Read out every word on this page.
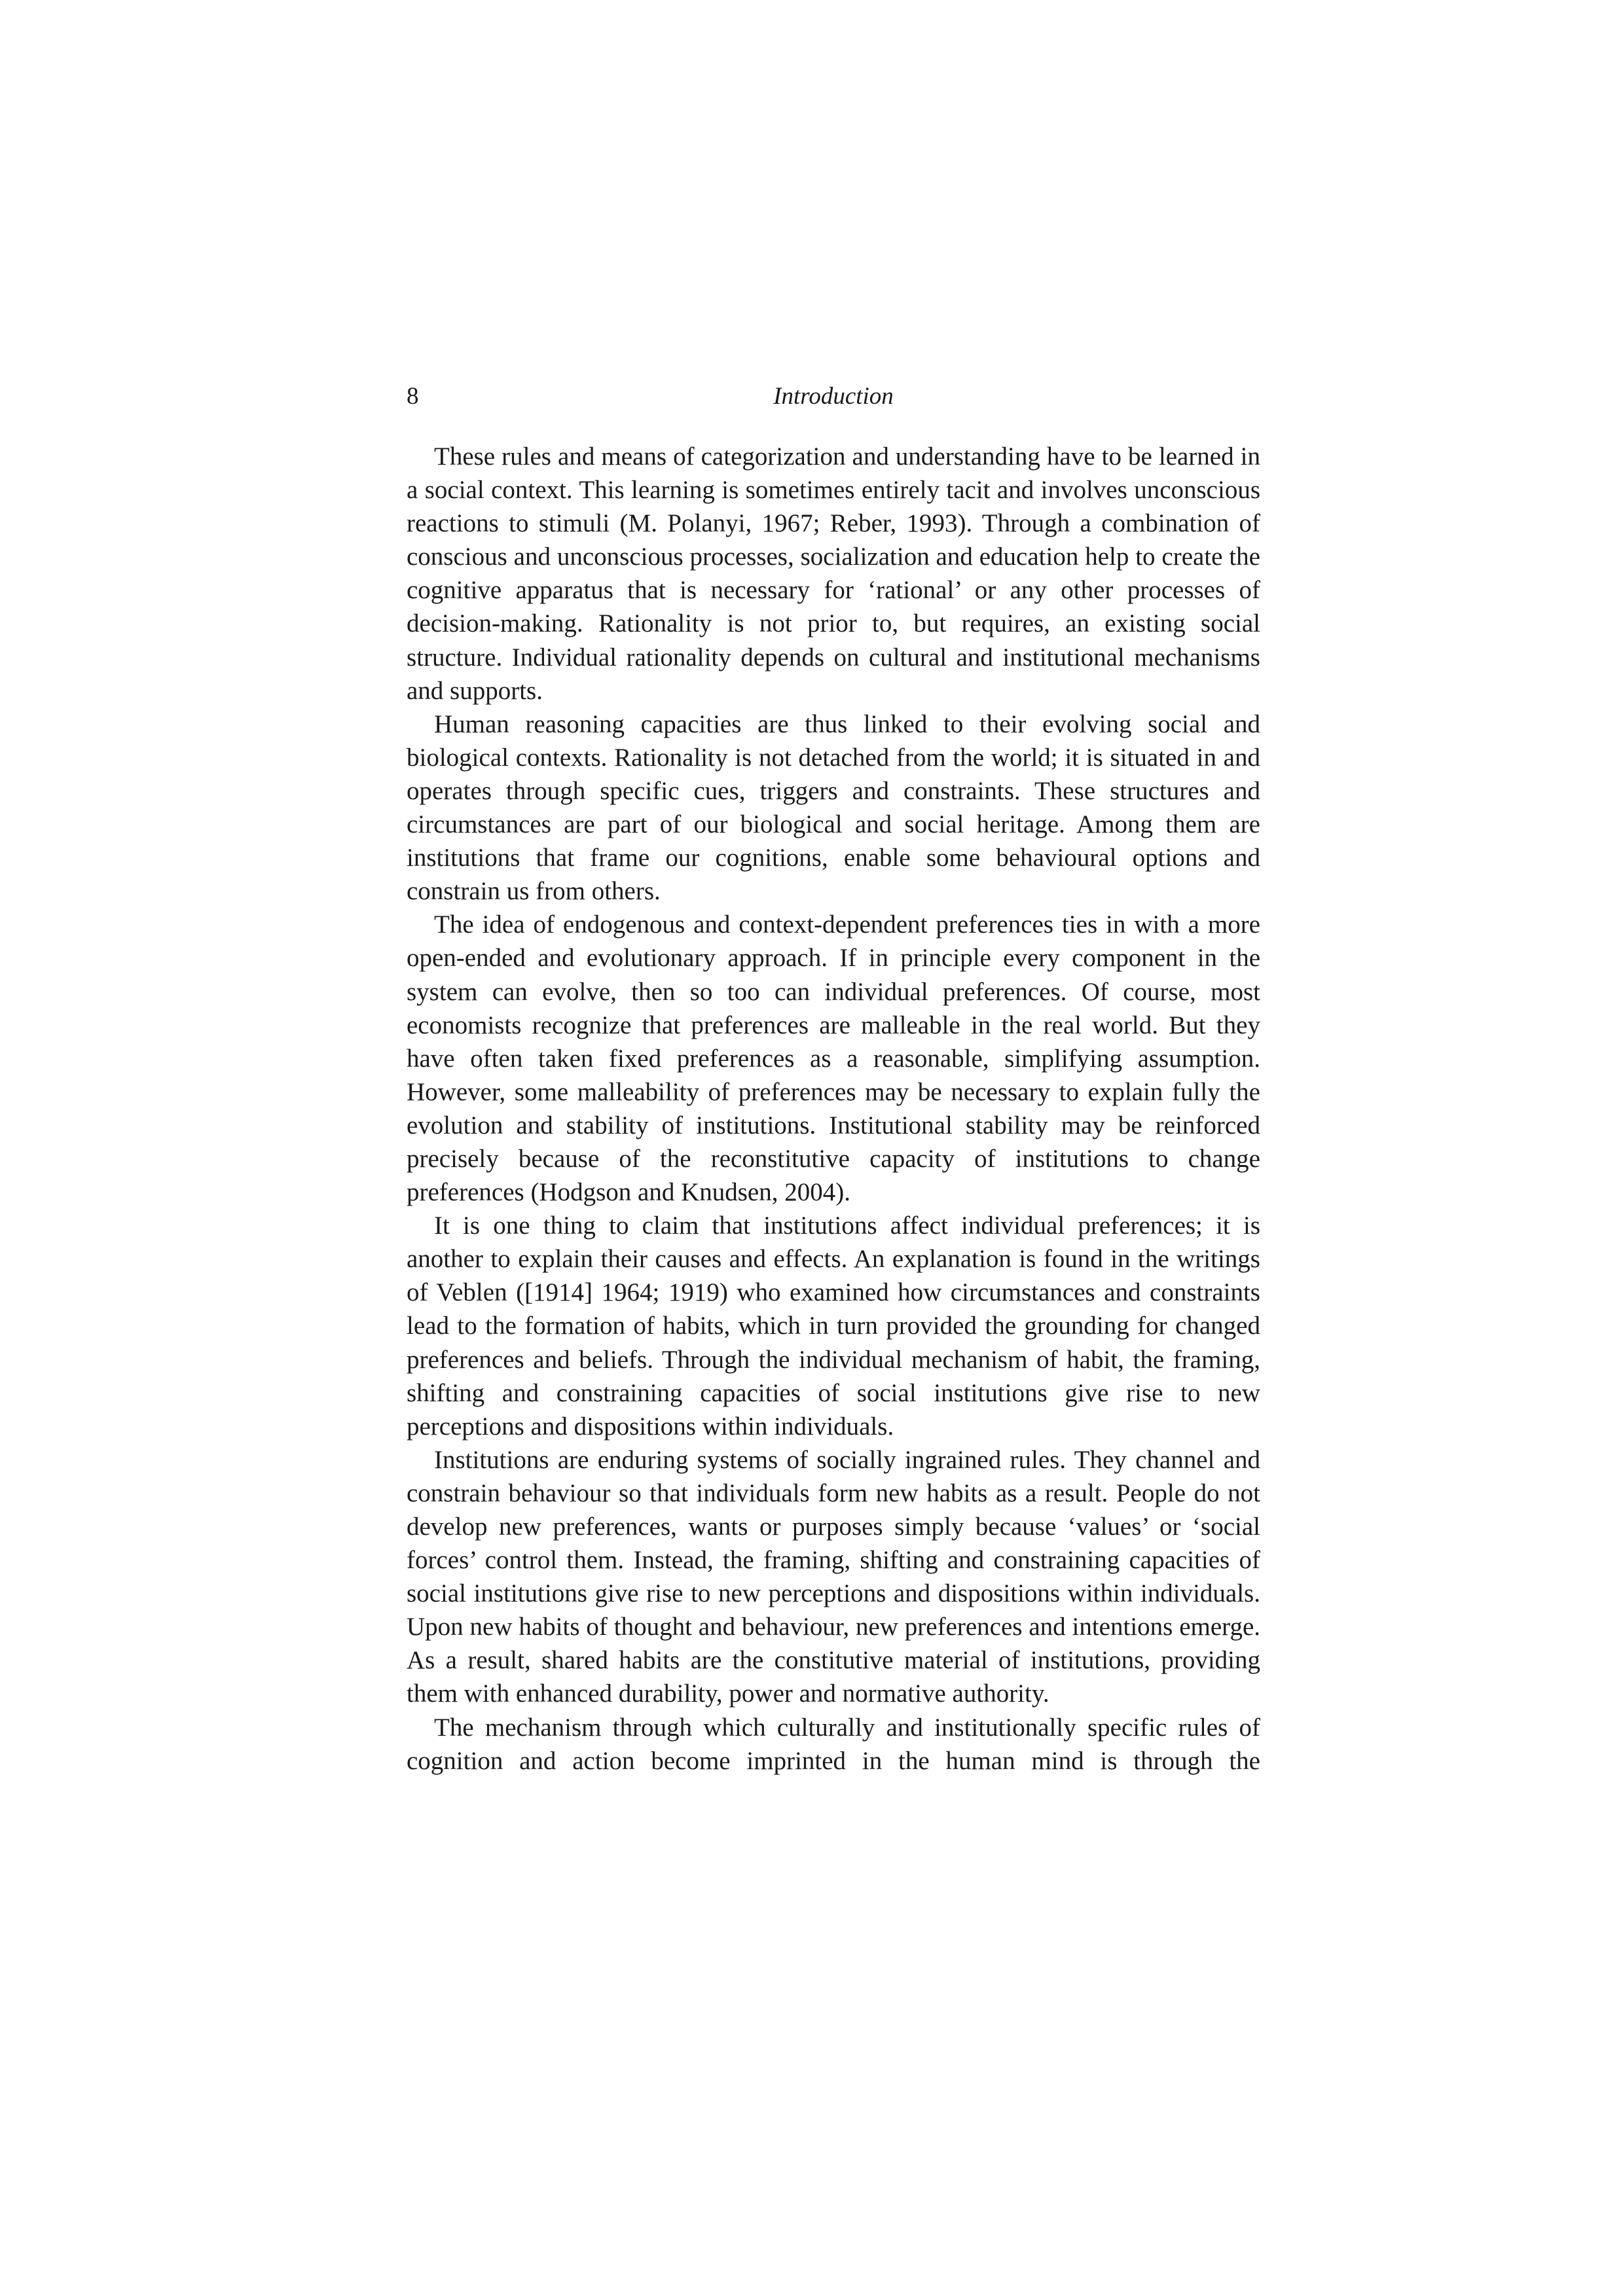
8	Introduction

These rules and means of categorization and understanding have to be learned in a social context. This learning is sometimes entirely tacit and involves unconscious reactions to stimuli (M. Polanyi, 1967; Reber, 1993). Through a combination of conscious and unconscious processes, socialization and education help to create the cognitive apparatus that is necessary for ‘rational’ or any other processes of decision-making. Rationality is not prior to, but requires, an existing social structure. Individual rationality depends on cultural and institutional mechanisms and supports.

Human reasoning capacities are thus linked to their evolving social and biological contexts. Rationality is not detached from the world; it is situated in and operates through specific cues, triggers and constraints. These structures and circumstances are part of our biological and social heritage. Among them are institutions that frame our cognitions, enable some behavioural options and constrain us from others.

The idea of endogenous and context-dependent preferences ties in with a more open-ended and evolutionary approach. If in principle every component in the system can evolve, then so too can individual preferences. Of course, most economists recognize that preferences are malleable in the real world. But they have often taken fixed preferences as a reasonable, simplifying assumption. However, some malleability of preferences may be necessary to explain fully the evolution and stability of institutions. Institutional stability may be reinforced precisely because of the reconstitutive capacity of institutions to change preferences (Hodgson and Knudsen, 2004).

It is one thing to claim that institutions affect individual preferences; it is another to explain their causes and effects. An explanation is found in the writings of Veblen ([1914] 1964; 1919) who examined how circumstances and constraints lead to the formation of habits, which in turn provided the grounding for changed preferences and beliefs. Through the individual mechanism of habit, the framing, shifting and constraining capacities of social institutions give rise to new perceptions and dispositions within individuals.

Institutions are enduring systems of socially ingrained rules. They channel and constrain behaviour so that individuals form new habits as a result. People do not develop new preferences, wants or purposes simply because ‘values’ or ‘social forces’ control them. Instead, the framing, shifting and constraining capacities of social institutions give rise to new perceptions and dispositions within individuals. Upon new habits of thought and behaviour, new preferences and intentions emerge. As a result, shared habits are the constitutive material of institutions, providing them with enhanced durability, power and normative authority.

The mechanism through which culturally and institutionally specific rules of cognition and action become imprinted in the human mind is through the
